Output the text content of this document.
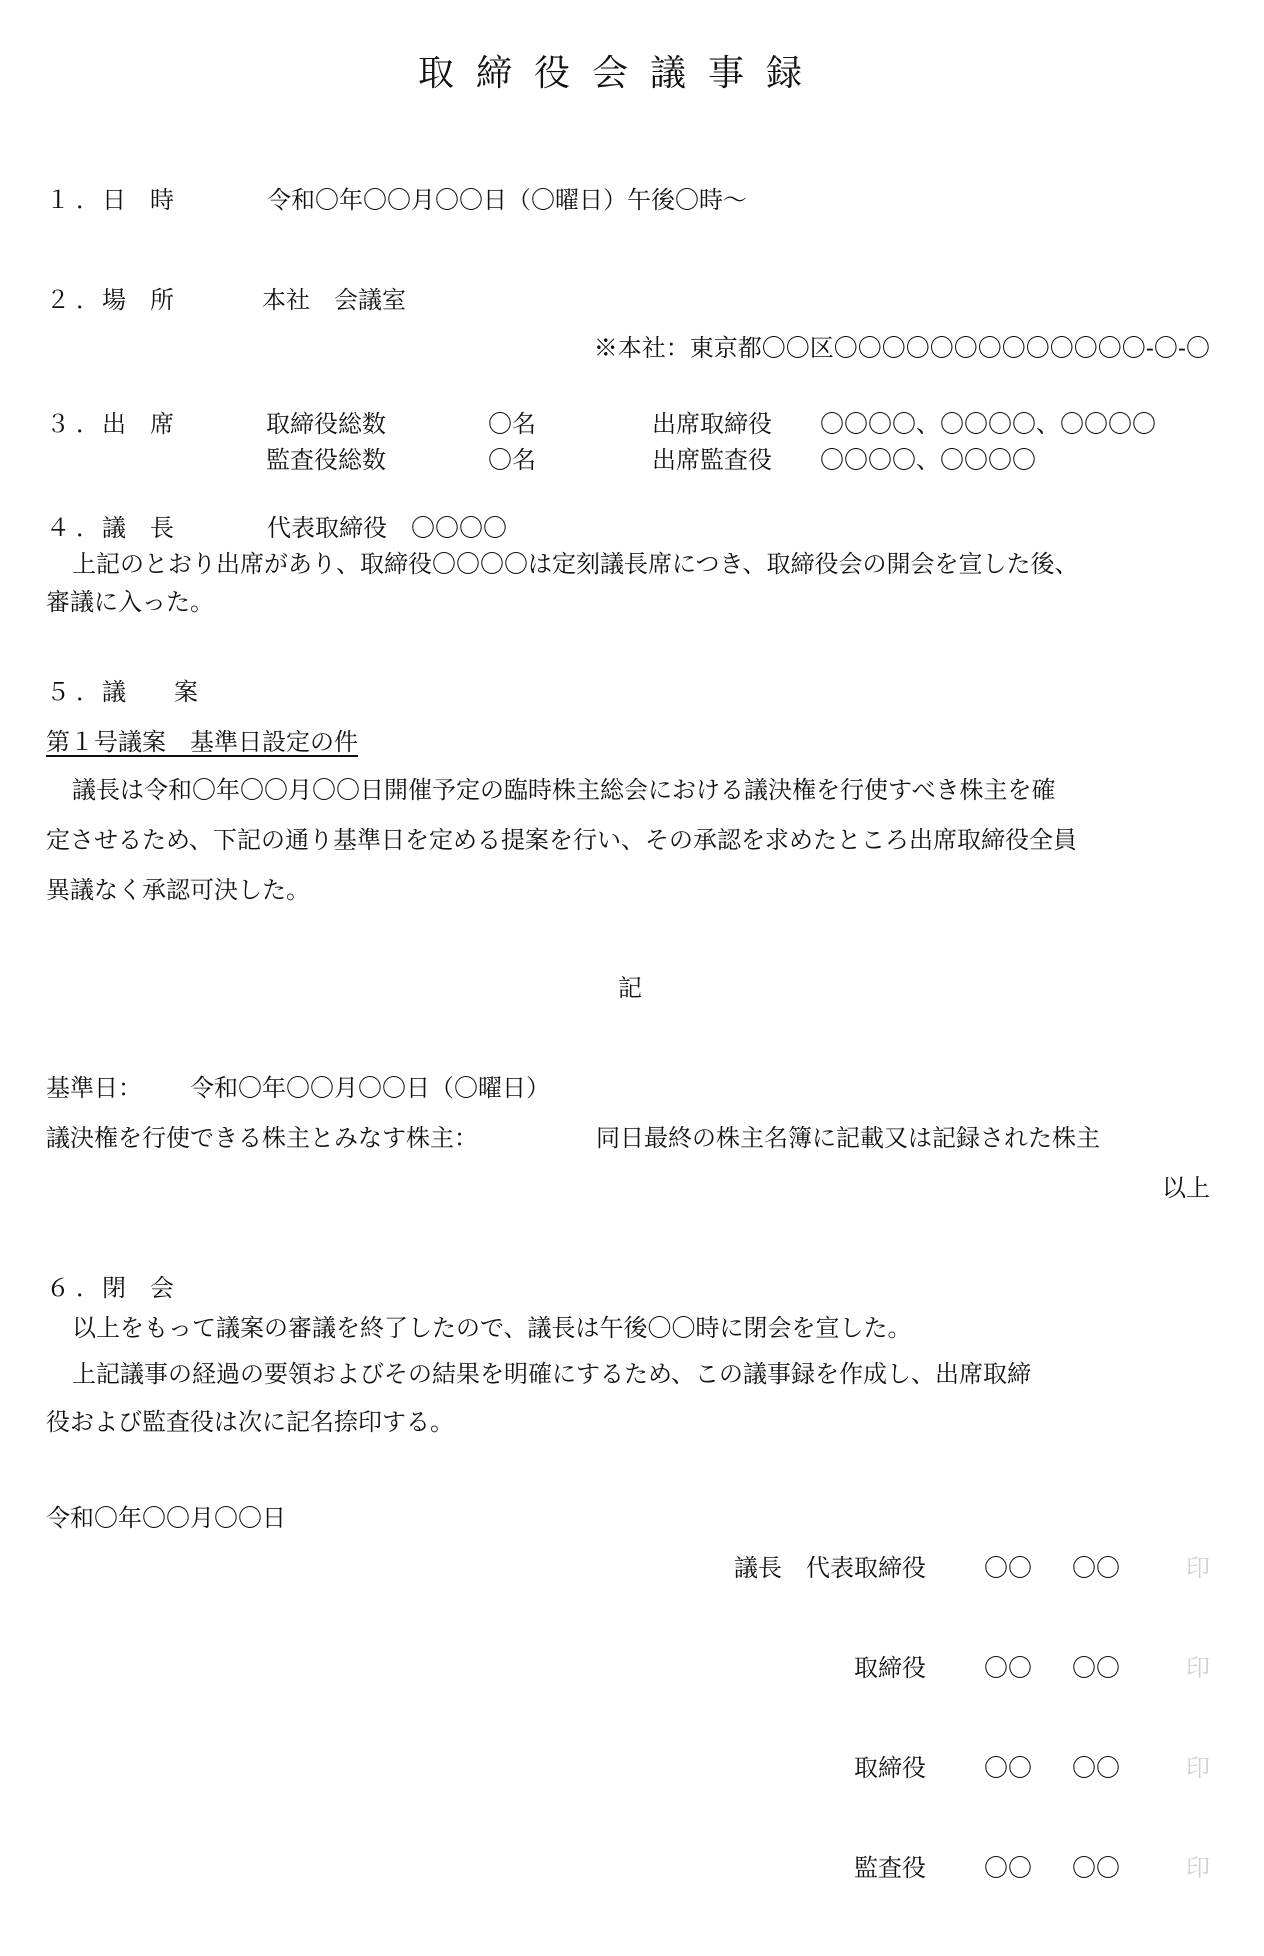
取締役会議事録
１．
日　時	令和〇年〇〇月〇〇日（〇曜日）午後〇時～
２．
場　所	本社　会議室
※本社：東京都〇〇区〇〇〇〇〇〇〇〇〇〇〇〇〇-〇-〇
３．
出　席	取締役総数	〇名	出席取締役 〇〇〇〇、〇〇〇〇、〇〇〇〇
監査役総数	〇名	出席監査役 〇〇〇〇、〇〇〇〇
４．
議　長	代表取締役　〇〇〇〇
上記のとおり出席があり、取締役〇〇〇〇は定刻議長席につき、取締役会の開会を宣した後、
審議に入った。
５．
議　　案
第１号議案　基準日設定の件
議長は令和〇年〇〇月〇〇日開催予定の臨時株主総会における議決権を行使すべき株主を確
定させるため、下記の通り基準日を定める提案を行い、その承認を求めたところ出席取締役全員
異議なく承認可決した。
記
基準日： 令和〇年〇〇月〇〇日（〇曜日）
議決権を行使できる株主とみなす株主：	同日最終の株主名簿に記載又は記録された株主
以上
６．
閉　会
以上をもって議案の審議を終了したので、議長は午後〇〇時に閉会を宣した。
上記議事の経過の要領およびその結果を明確にするため、この議事録を作成し、出席取締
役および監査役は次に記名捺印する。
令和〇年〇〇月〇〇日
議長　代表取締役 〇〇 〇〇	印
取締役 〇〇 〇〇	印
取締役 〇〇 〇〇	印
監査役 〇〇 〇〇	印
